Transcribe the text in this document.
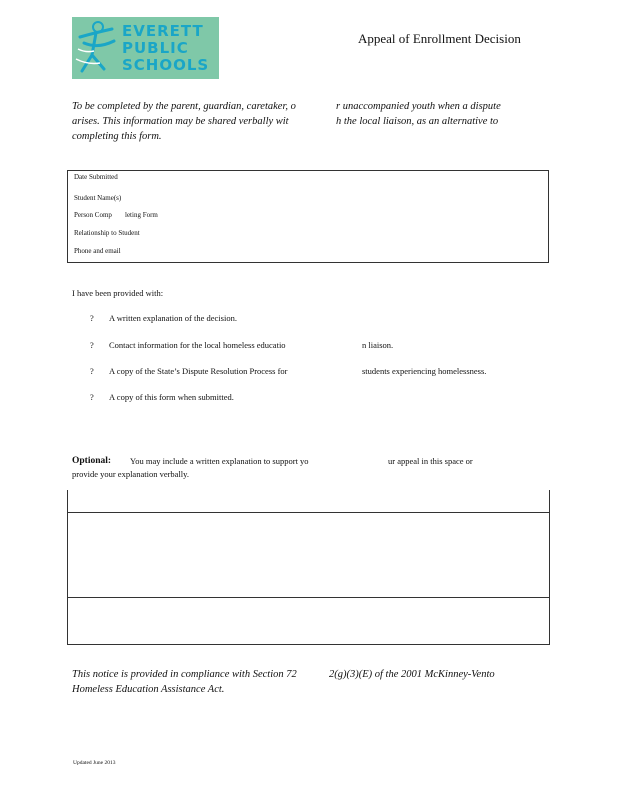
EVERETT
PUBLIC
SCHOOLS
Appeal of Enrollment Decision
To be completed by the parent, guardian, caretaker, o	r unaccompanied youth when a dispute
arises. This information may be shared verbally wit	h the local liaison, as an alternative to
completing this form.
Date Submitted
Student Name(s)
Person Comp leting Form
Relationship to Student
Phone and email
I have been provided with:
? A written explanation of the decision.
? Contact information for the local homeless educatio	n liaison.
? A copy of the State’s Dispute Resolution Process for	students experiencing homelessness.
? A copy of this form when submitted.
Optional: You may include a written explanation to support yo	ur appeal in this space or
provide your explanation verbally.
This notice is provided in compliance with Section 72	2(g)(3)(E) of the 2001 McKinney-Vento
Homeless Education Assistance Act.
Updated June 2013
